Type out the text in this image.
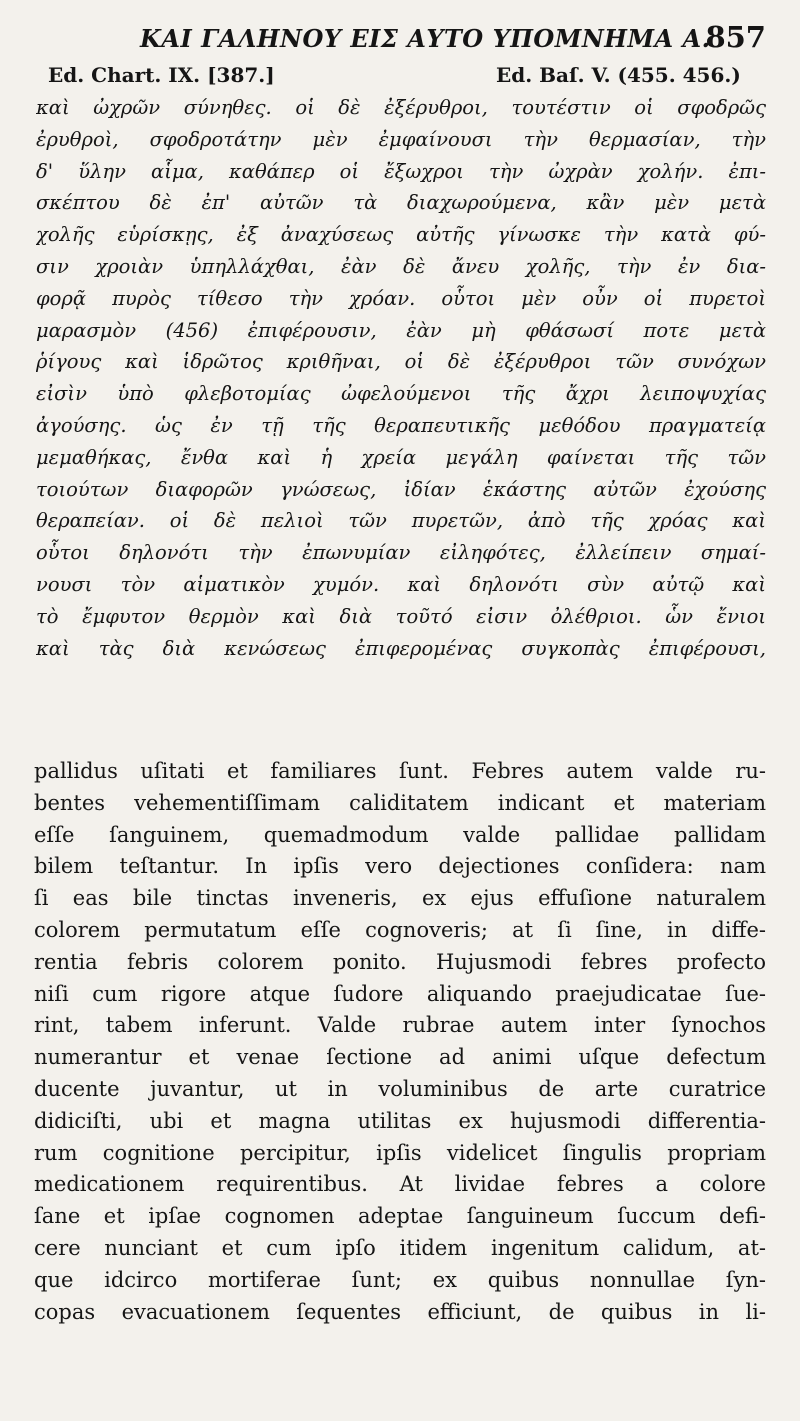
ΚΑΙ ΓΑΛΗΝΟΥ ΕΙΣ ΑΥΤΟ ΥΠΟΜΝΗΜΑ Α.
857
Ed. Chart. IX. [387.]	Ed. Baſ. V. (455. 456.)
καὶ ὠχρῶν σύνηθες. οἱ δὲ ἐξέρυθροι, τουτέστιν οἱ σφοδρῶς
ἐρυθροὶ, σφοδροτάτην μὲν ἐμφαίνουσι τὴν θερμασίαν, τὴν
δ' ὕλην αἷμα, καθάπερ οἱ ἔξωχροι τὴν ὠχρὰν χολήν. ἐπι-
σκέπτου δὲ ἐπ' αὐτῶν τὰ διαχωρούμενα, κἂν μὲν μετὰ
χολῆς εὑρίσκῃς, ἐξ ἀναχύσεως αὐτῆς γίνωσκε τὴν κατὰ φύ-
σιν χροιὰν ὑπηλλάχθαι, ἐὰν δὲ ἄνευ χολῆς, τὴν ἐν δια-
φορᾷ πυρὸς τίθεσο τὴν χρόαν. οὗτοι μὲν οὖν οἱ πυρετοὶ
μαρασμὸν (456) ἐπιφέρουσιν, ἐὰν μὴ φθάσωσί ποτε μετὰ
ῥίγους καὶ ἱδρῶτος κριθῆναι, οἱ δὲ ἐξέρυθροι τῶν συνόχων
εἰσὶν ὑπὸ φλεβοτομίας ὠφελούμενοι τῆς ἄχρι λειποψυχίας
ἀγούσης. ὡς ἐν τῇ τῆς θεραπευτικῆς μεθόδου πραγματείᾳ
μεμαθήκας, ἔνθα καὶ ἡ χρεία μεγάλη φαίνεται τῆς τῶν
τοιούτων διαφορῶν γνώσεως, ἰδίαν ἑκάστης αὐτῶν ἐχούσης
θεραπείαν. οἱ δὲ πελιοὶ τῶν πυρετῶν, ἀπὸ τῆς χρόας καὶ
οὗτοι δηλονότι τὴν ἐπωνυμίαν εἰληφότες, ἐλλείπειν σημαί-
νουσι τὸν αἱματικὸν χυμόν. καὶ δηλονότι σὺν αὐτῷ καὶ
τὸ ἔμφυτον θερμὸν καὶ διὰ τοῦτό εἰσιν ὀλέθριοι. ὧν ἔνιοι
καὶ τὰς διὰ κενώσεως ἐπιφερομένας συγκοπὰς ἐπιφέρουσι,
pallidus uſitati et familiares ſunt. Febres autem valde ru-
bentes vehementiſſimam caliditatem indicant et materiam
eſſe ſanguinem, quemadmodum valde pallidae pallidam
bilem teſtantur. In ipſis vero dejectiones conſidera: nam
ſi eas bile tinctas inveneris, ex ejus effuſione naturalem
colorem permutatum eſſe cognoveris; at ſi ſine, in diffe-
rentia febris colorem ponito. Hujusmodi febres profecto
niſi cum rigore atque ſudore aliquando praejudicatae ſue-
rint, tabem inferunt. Valde rubrae autem inter ſynochos
numerantur et venae ſectione ad animi uſque defectum
ducente juvantur, ut in voluminibus de arte curatrice
didiciſti, ubi et magna utilitas ex hujusmodi differentia-
rum cognitione percipitur, ipſis videlicet ſingulis propriam
medicationem requirentibus. At lividae febres a colore
ſane et ipſae cognomen adeptae ſanguineum ſuccum defi-
cere nunciant et cum ipſo itidem ingenitum calidum, at-
que idcirco mortiferae ſunt; ex quibus nonnullae ſyn-
copas evacuationem ſequentes efficiunt, de quibus in li-
